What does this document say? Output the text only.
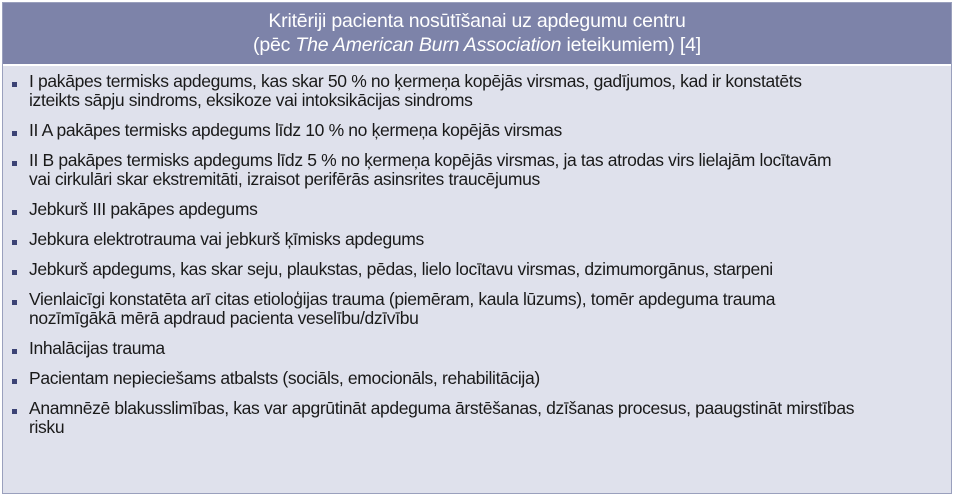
Kritēriji pacienta nosūtīšanai uz apdegumu centru
(pēc The American Burn Association ieteikumiem) [4]
I pakāpes termisks apdegums, kas skar 50 % no ķermeņa kopējās virsmas, gadījumos, kad ir konstatēts
izteikts sāpju sindroms, eksikoze vai intoksikācijas sindroms
II A pakāpes termisks apdegums līdz 10 % no ķermeņa kopējās virsmas
II B pakāpes termisks apdegums līdz 5 % no ķermeņa kopējās virsmas, ja tas atrodas virs lielajām locītavām
vai cirkulāri skar ekstremitāti, izraisot perifērās asinsrites traucējumus
Jebkurš III pakāpes apdegums
Jebkura elektrotrauma vai jebkurš ķīmisks apdegums
Jebkurš apdegums, kas skar seju, plaukstas, pēdas, lielo locītavu virsmas, dzimumorgānus, starpeni
Vienlaicīgi konstatēta arī citas etioloģijas trauma (piemēram, kaula lūzums), tomēr apdeguma trauma
nozīmīgākā mērā apdraud pacienta veselību/dzīvību
Inhalācijas trauma
Pacientam nepieciešams atbalsts (sociāls, emocionāls, rehabilitācija)
Anamnēzē blakusslimības, kas var apgrūtināt apdeguma ārstēšanas, dzīšanas procesus, paaugstināt mirstības
risku
